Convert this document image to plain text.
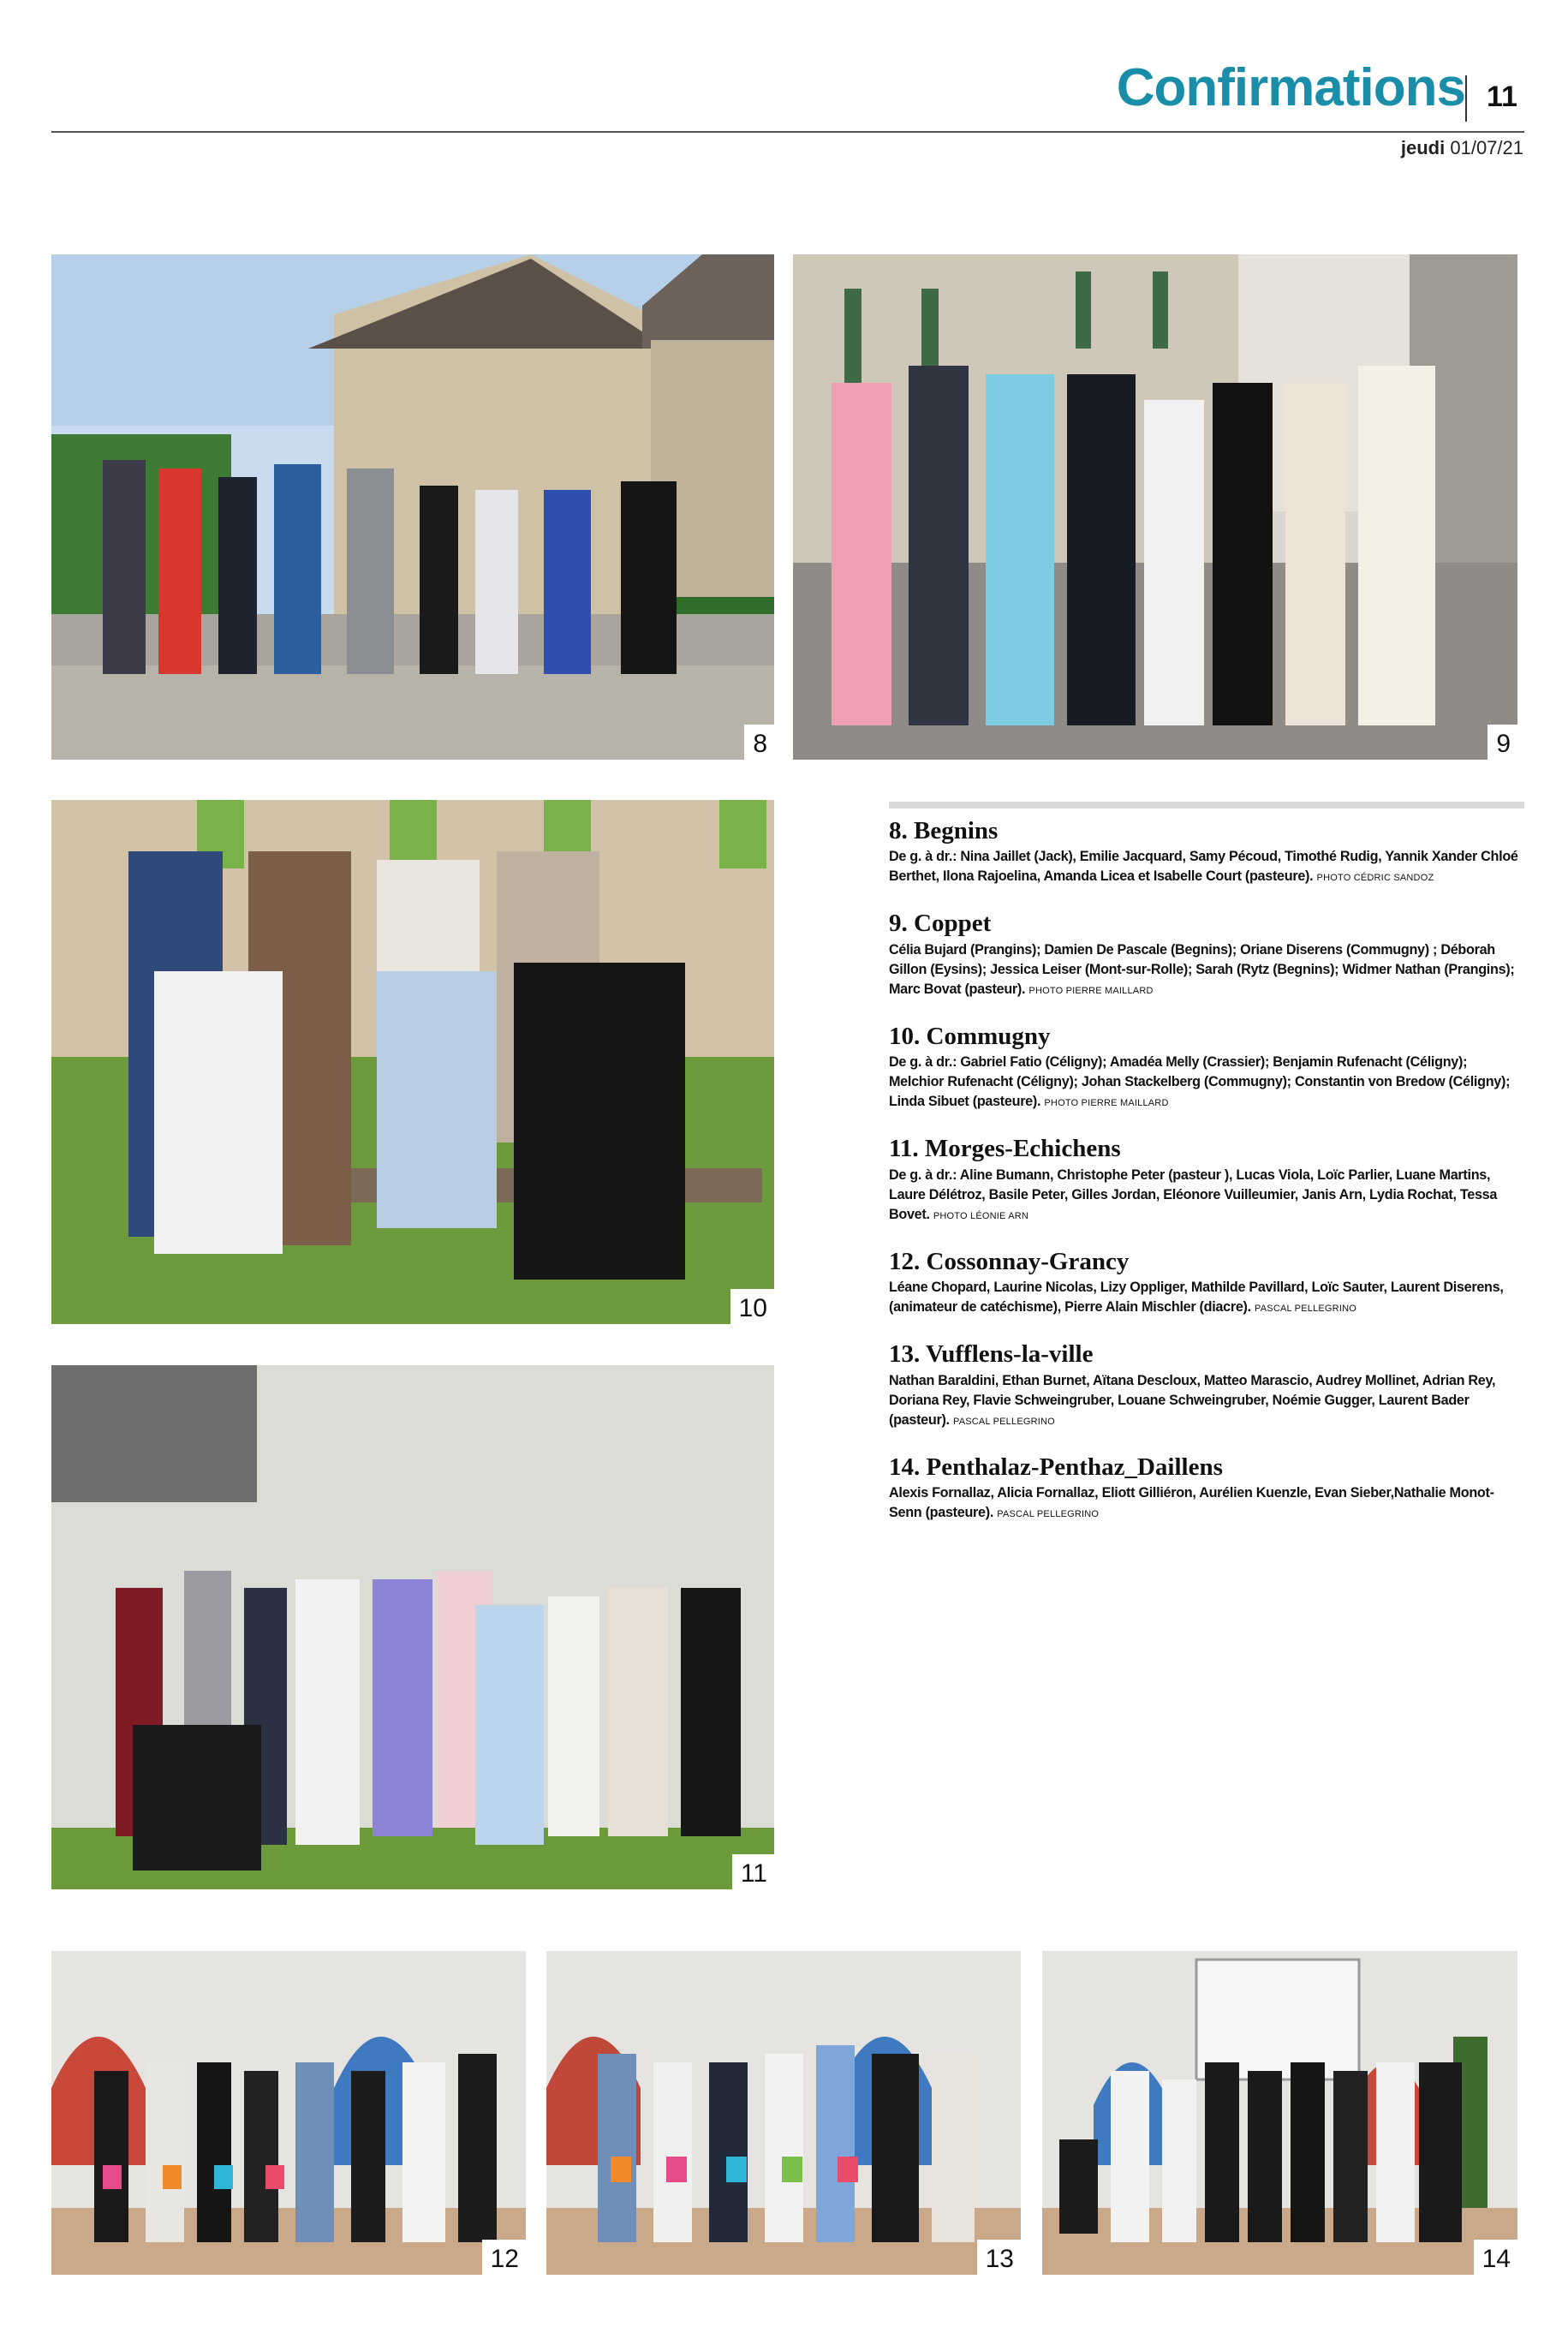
Confirmations 11
jeudi 01/07/21
8	9
10
11
12	13	14
8. Begnins

De g. à dr.: Nina Jaillet (Jack), Emilie Jacquard, Samy Pécoud, Timothé Rudig, Yannik Xander Chloé Berthet, Ilona Rajoelina, Amanda Licea et Isabelle Court (pasteure). PHOTO CÉDRIC SANDOZ

9. Coppet

Célia Bujard (Prangins); Damien De Pascale (Begnins); Oriane Diserens (Commugny) ; Déborah Gillon (Eysins); Jessica Leiser (Mont-sur-Rolle); Sarah (Rytz (Begnins); Widmer Nathan (Prangins); Marc Bovat (pasteur). PHOTO PIERRE MAILLARD

10. Commugny

De g. à dr.: Gabriel Fatio (Céligny); Amadéa Melly (Crassier); Benjamin Rufenacht (Céligny); Melchior Rufenacht (Céligny); Johan Stackelberg (Commugny); Constantin von Bredow (Céligny); Linda Sibuet (pasteure). PHOTO PIERRE MAILLARD

11. Morges-Echichens

De g. à dr.: Aline Bumann, Christophe Peter (pasteur ), Lucas Viola, Loïc Parlier, Luane Martins, Laure Délétroz, Basile Peter, Gilles Jordan, Eléonore Vuilleumier, Janis Arn, Lydia Rochat, Tessa Bovet. PHOTO LÉONIE ARN

12. Cossonnay-Grancy

Léane Chopard, Laurine Nicolas, Lizy Oppliger, Mathilde Pavillard, Loïc Sauter, Laurent Diserens, (animateur de catéchisme), Pierre Alain Mischler (diacre). PASCAL PELLEGRINO

13. Vufflens-la-ville

Nathan Baraldini, Ethan Burnet, Aïtana Descloux, Matteo Marascio, Audrey Mollinet, Adrian Rey, Doriana Rey, Flavie Schweingruber, Louane Schweingruber, Noémie Gugger, Laurent Bader (pasteur). PASCAL PELLEGRINO

14. Penthalaz-Penthaz_Daillens

Alexis Fornallaz, Alicia Fornallaz, Eliott Gilliéron, Aurélien Kuenzle, Evan Sieber,Nathalie Monot-Senn (pasteure). PASCAL PELLEGRINO
